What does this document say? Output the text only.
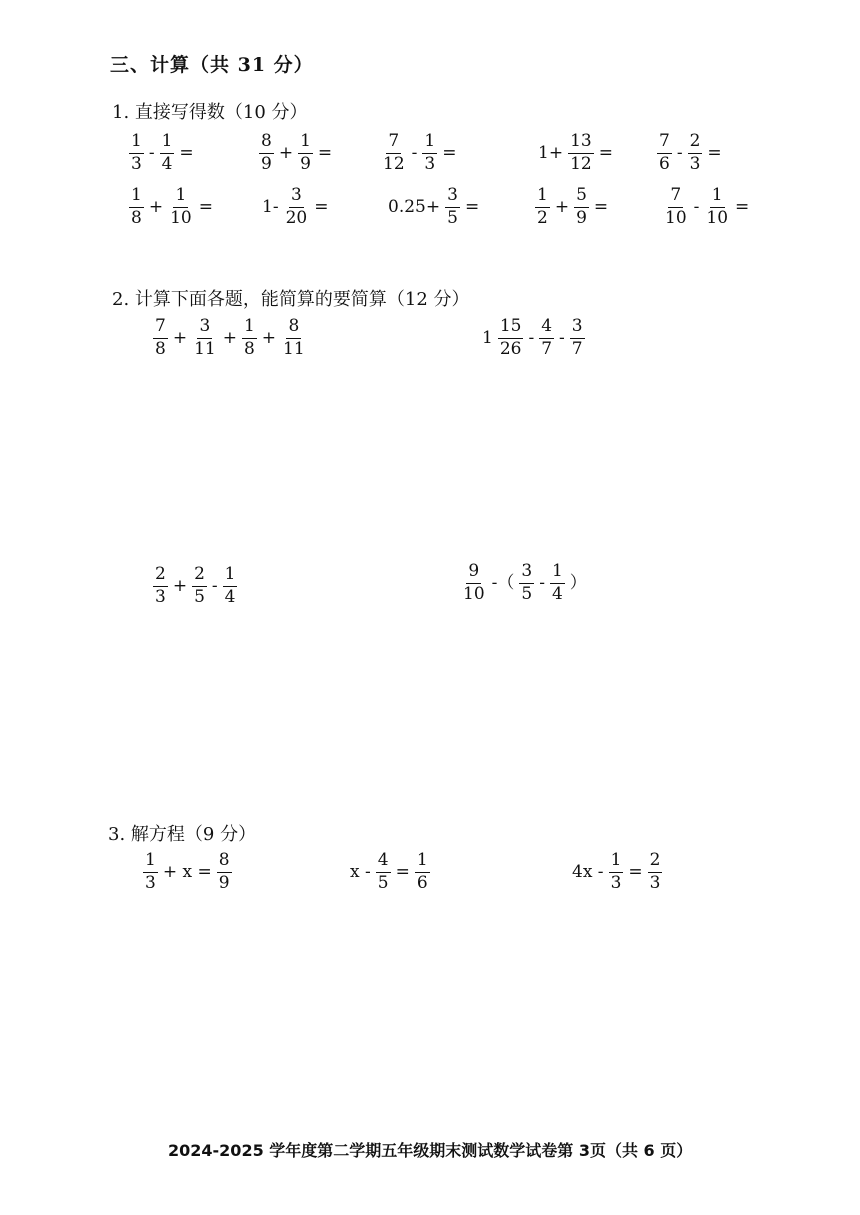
三、计算（共 31 分）
1. 直接写得数（10 分）
$\frac{1}{3} - \frac{1}{4}$ =	$\frac{8}{9} + \frac{1}{9}$ =	$\frac{7}{12} - \frac{1}{3}$ =	$1+ \frac{13}{12}$ =	$\frac{7}{6} - \frac{2}{3}$ =
$\frac{1}{8} + \frac{1}{10}$ =	$1- \frac{3}{20}$ =	$0.25+ \frac{3}{5}$ =	$\frac{1}{2} + \frac{5}{9}$ =	$\frac{7}{10} - \frac{1}{10}$ =
2. 计算下面各题，能简算的要简算（12 分）
$\frac{7}{8} + \frac{3}{11} + \frac{1}{8} + \frac{8}{11}$	$1 \frac{15}{26} - \frac{4}{7} - \frac{3}{7}$
$\frac{2}{3} + \frac{2}{5} - \frac{1}{4}$	$\frac{9}{10}$ -（ $\frac{3}{5} - \frac{1}{4}$ ）
3. 解方程（9 分）
$\frac{1}{3} + x = \frac{8}{9}$	$x - \frac{4}{5} = \frac{1}{6}$	$4x - \frac{1}{3} = \frac{2}{3}$
2024-2025 学年度第二学期五年级期末测试数学试卷第 3页（共 6 页）
